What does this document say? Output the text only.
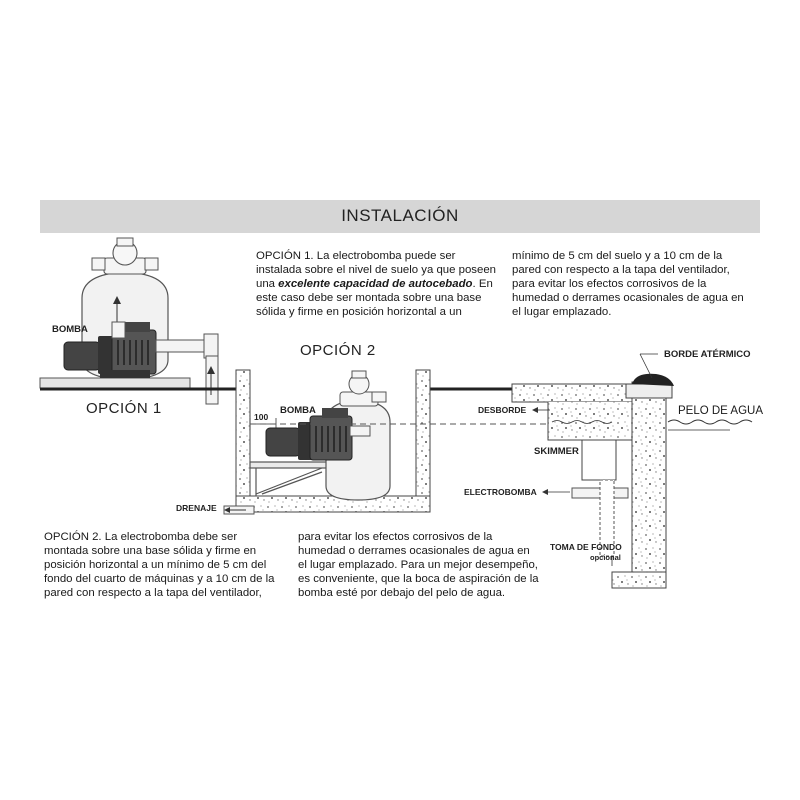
INSTALACIÓN
OPCIÓN 1. La electrobomba puede ser
instalada sobre el nivel de suelo ya que poseen
una excelente capacidad de autocebado. En
este caso debe ser montada sobre una base
sólida y firme en posición horizontal a un
mínimo de 5 cm del suelo y a 10 cm de la
pared con respecto a la tapa del ventilador,
para evitar los efectos corrosivos de la
humedad o derrames ocasionales de agua en
el lugar emplazado.
BOMBA
OPCIÓN 1
OPCIÓN 2
BOMBA
100
DRENAJE
BORDE ATÉRMICO
DESBORDE	PELO DE AGUA
SKIMMER
ELECTROBOMBA
TOMA DE FONDO
opcional
OPCIÓN 2. La electrobomba debe ser
montada sobre una base sólida y firme en
posición horizontal a un mínimo de 5 cm del
fondo del cuarto de máquinas y a 10 cm de la
pared con respecto a la tapa del ventilador,
para evitar los efectos corrosivos de la
humedad o derrames ocasionales de agua en
el lugar emplazado. Para un mejor desempeño,
es conveniente, que la boca de aspiración de la
bomba esté por debajo del pelo de agua.
